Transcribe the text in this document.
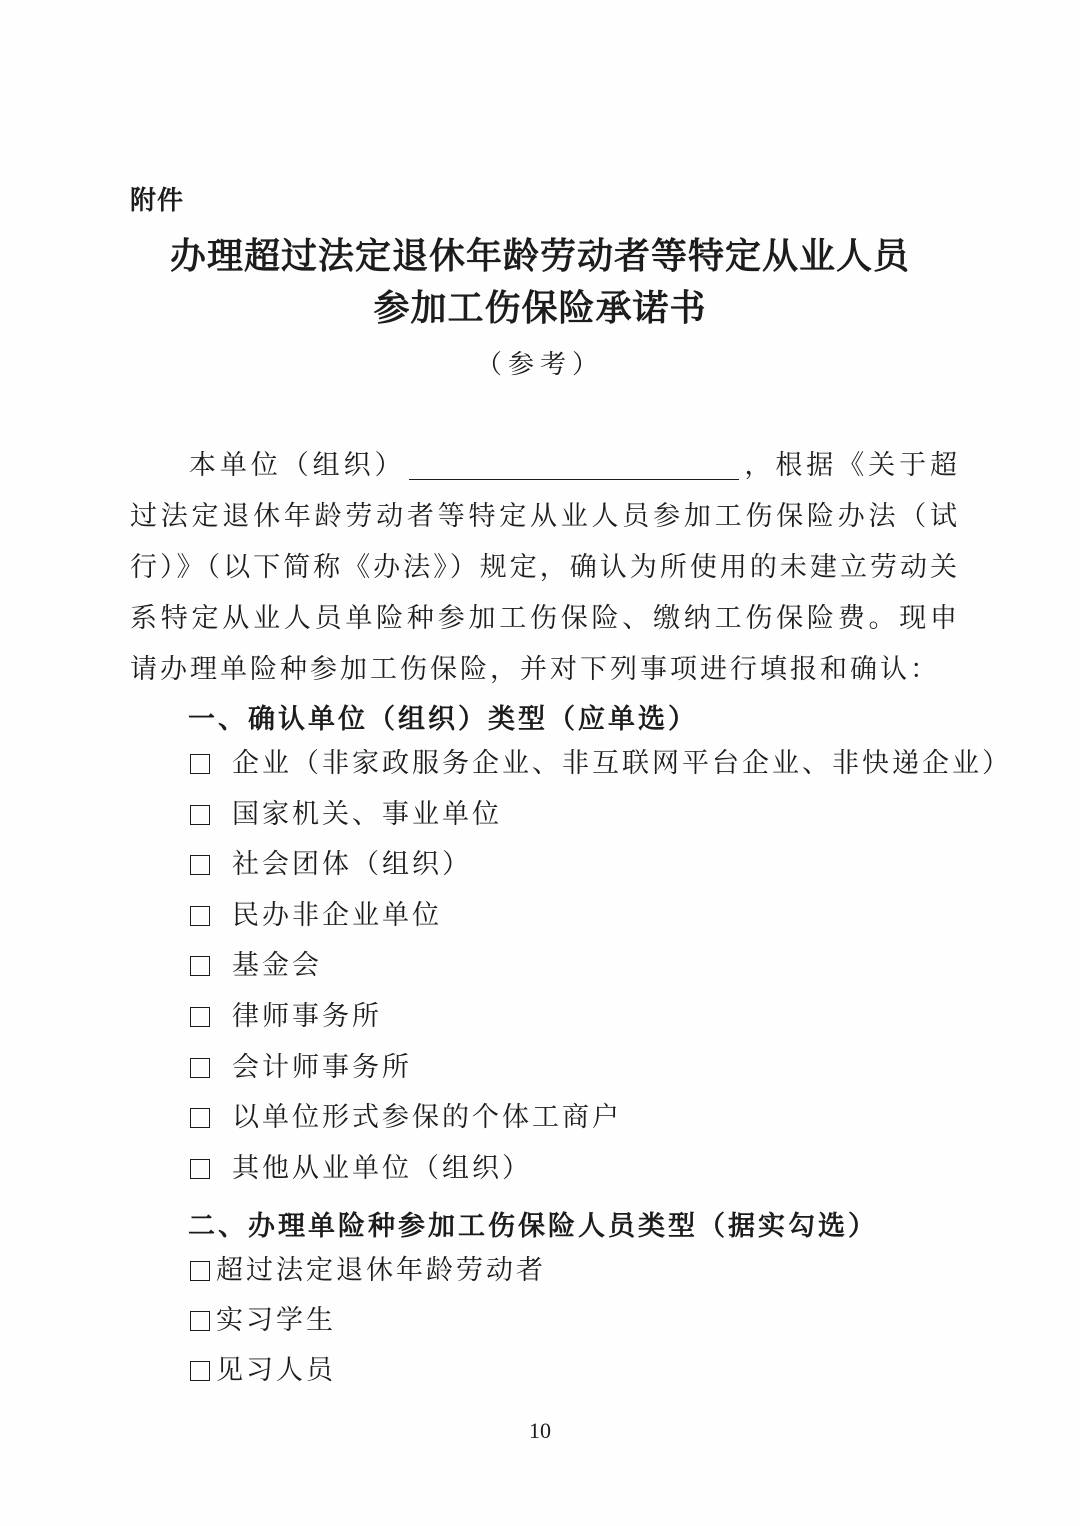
附件
办理超过法定退休年龄劳动者等特定从业人员
参加工伤保险承诺书
（参考）
本单位（组织）	，根据《关于超过法定退休年龄劳动者等特定从业人员参加工伤保险办法（试行）》（以下简称《办法》）规定，确认为所使用的未建立劳动关系特定从业人员单险种参加工伤保险、缴纳工伤保险费。现申请办理单险种参加工伤保险，并对下列事项进行填报和确认：
一、确认单位（组织）类型（应单选）
企业（非家政服务企业、非互联网平台企业、非快递企业）
国家机关、事业单位
社会团体（组织）
民办非企业单位
基金会
律师事务所
会计师事务所
以单位形式参保的个体工商户
其他从业单位（组织）
二、办理单险种参加工伤保险人员类型（据实勾选）
超过法定退休年龄劳动者
实习学生
见习人员
10
